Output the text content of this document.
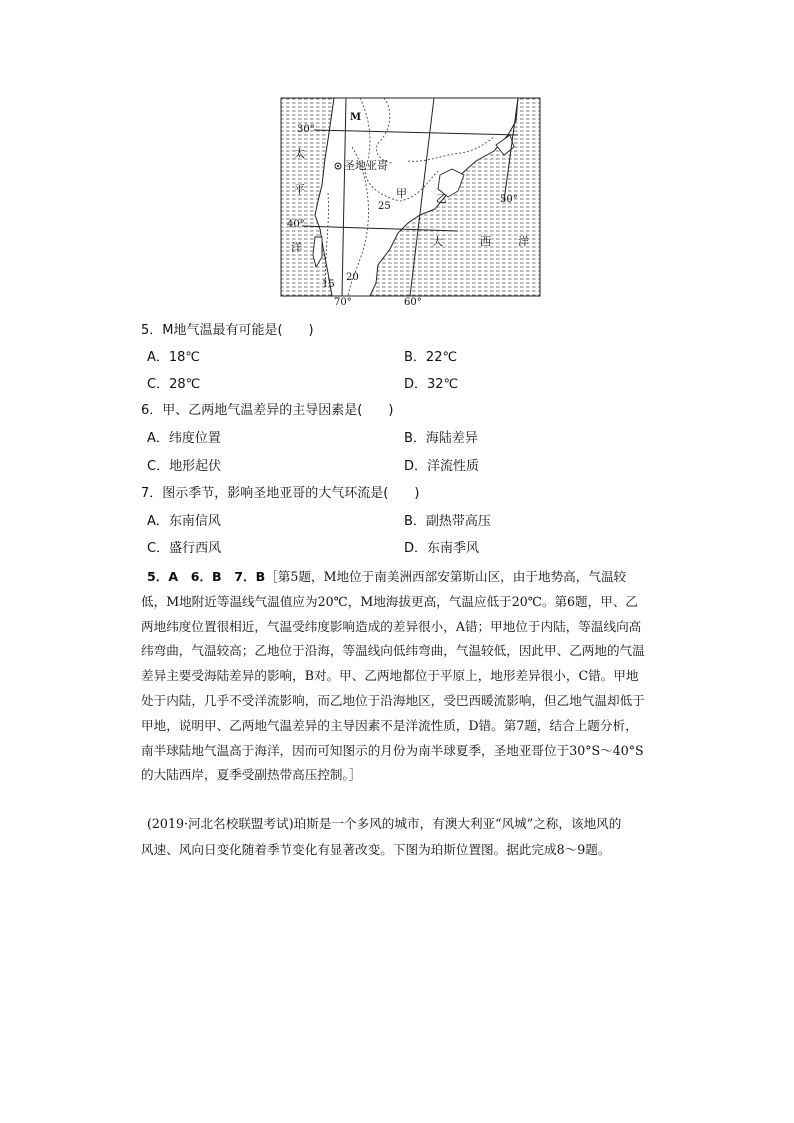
30°
40°
70°	60°
50°
M
圣地亚哥
甲	乙
25
20
15
太
平
洋	大	西 洋
5．M地气温最有可能是(　　)
A．18℃	B．22℃
C．28℃	D．32℃
6．甲、乙两地气温差异的主导因素是(　　)
A．纬度位置	B．海陆差异
C．地形起伏	D．洋流性质
7．图示季节，影响圣地亚哥的大气环流是(　　)
A．东南信风	B．副热带高压
C．盛行西风	D．东南季风
5．A　6．B　7．B［第5题，M地位于南美洲西部安第斯山区，由于地势高，气温较
低，M地附近等温线气温值应为20℃，M地海拔更高，气温应低于20℃。第6题，甲、乙
两地纬度位置很相近，气温受纬度影响造成的差异很小，A错；甲地位于内陆，等温线向高
纬弯曲，气温较高；乙地位于沿海，等温线向低纬弯曲，气温较低，因此甲、乙两地的气温
差异主要受海陆差异的影响，B对。甲、乙两地都位于平原上，地形差异很小，C错。甲地
处于内陆，几乎不受洋流影响，而乙地位于沿海地区，受巴西暖流影响，但乙地气温却低于
甲地，说明甲、乙两地气温差异的主导因素不是洋流性质，D错。第7题，结合上题分析，
南半球陆地气温高于海洋，因而可知图示的月份为南半球夏季，圣地亚哥位于30°S～40°S
的大陆西岸，夏季受副热带高压控制。］
(2019·河北名校联盟考试)珀斯是一个多风的城市，有澳大利亚“风城”之称，该地风的
风速、风向日变化随着季节变化有显著改变。下图为珀斯位置图。据此完成8～9题。
